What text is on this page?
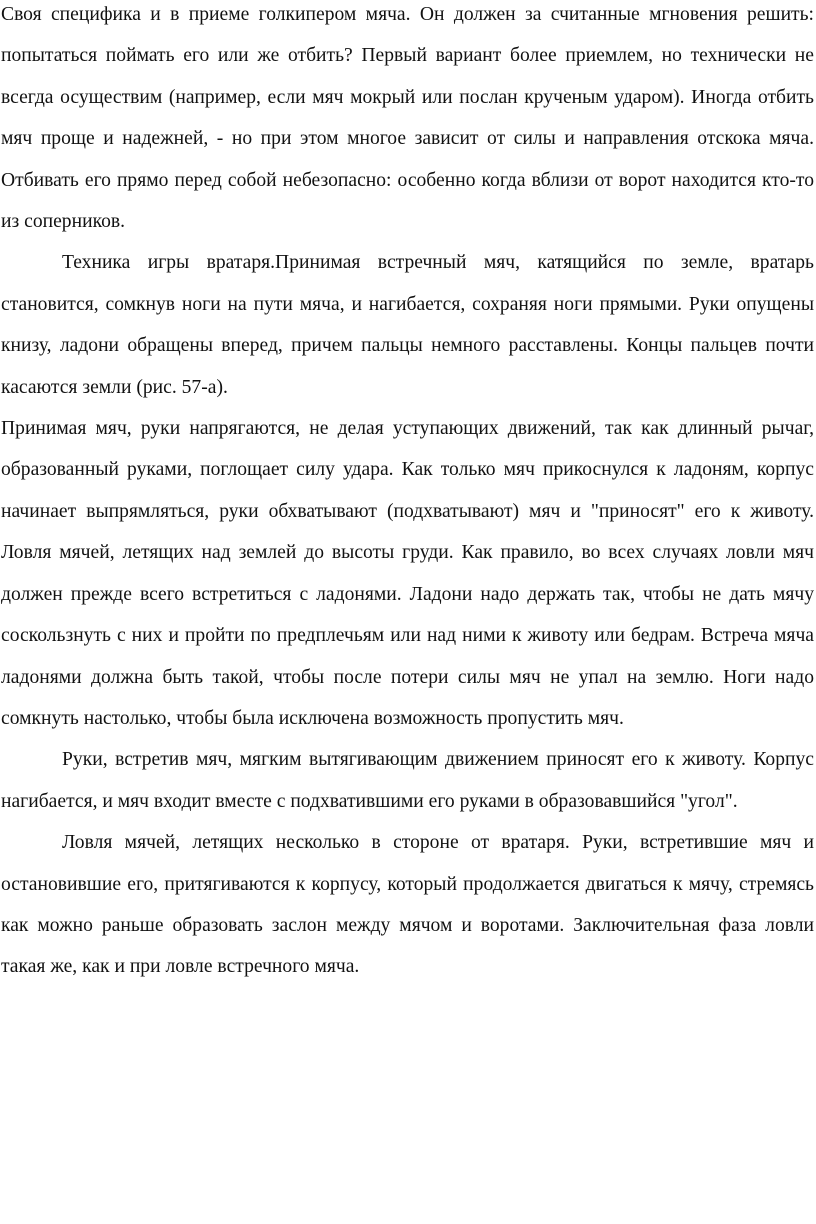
Своя специфика и в приеме голкипером мяча. Он должен за считанные мгновения решить: попытаться поймать его или же отбить? Первый вариант более приемлем, но технически не всегда осуществим (например, если мяч мокрый или послан крученым ударом). Иногда отбить мяч проще и надежней, - но при этом многое зависит от силы и направления отскока мяча. Отбивать его прямо перед собой небезопасно: особенно когда вблизи от ворот находится кто-то из соперников.

Техника игры вратаря.Принимая встречный мяч, катящийся по земле, вратарь становится, сомкнув ноги на пути мяча, и нагибается, сохраняя ноги прямыми. Руки опущены книзу, ладони обращены вперед, причем пальцы немного расставлены. Концы пальцев почти касаются земли (рис. 57-а).

Принимая мяч, руки напрягаются, не делая уступающих движений, так как длинный рычаг, образованный руками, поглощает силу удара. Как только мяч прикоснулся к ладоням, корпус начинает выпрямляться, руки обхватывают (подхватывают) мяч и "приносят" его к животу. Ловля мячей, летящих над землей до высоты груди. Как правило, во всех случаях ловли мяч должен прежде всего встретиться с ладонями. Ладони надо держать так, чтобы не дать мячу соскользнуть с них и пройти по предплечьям или над ними к животу или бедрам. Встреча мяча ладонями должна быть такой, чтобы после потери силы мяч не упал на землю. Ноги надо сомкнуть настолько, чтобы была исключена возможность пропустить мяч.

Руки, встретив мяч, мягким вытягивающим движением приносят его к животу. Корпус нагибается, и мяч входит вместе с подхватившими его руками в образовавшийся "угол".

Ловля мячей, летящих несколько в стороне от вратаря. Руки, встретившие мяч и остановившие его, притягиваются к корпусу, который продолжается двигаться к мячу, стремясь как можно раньше образовать заслон между мячом и воротами. Заключительная фаза ловли такая же, как и при ловле встречного мяча.
